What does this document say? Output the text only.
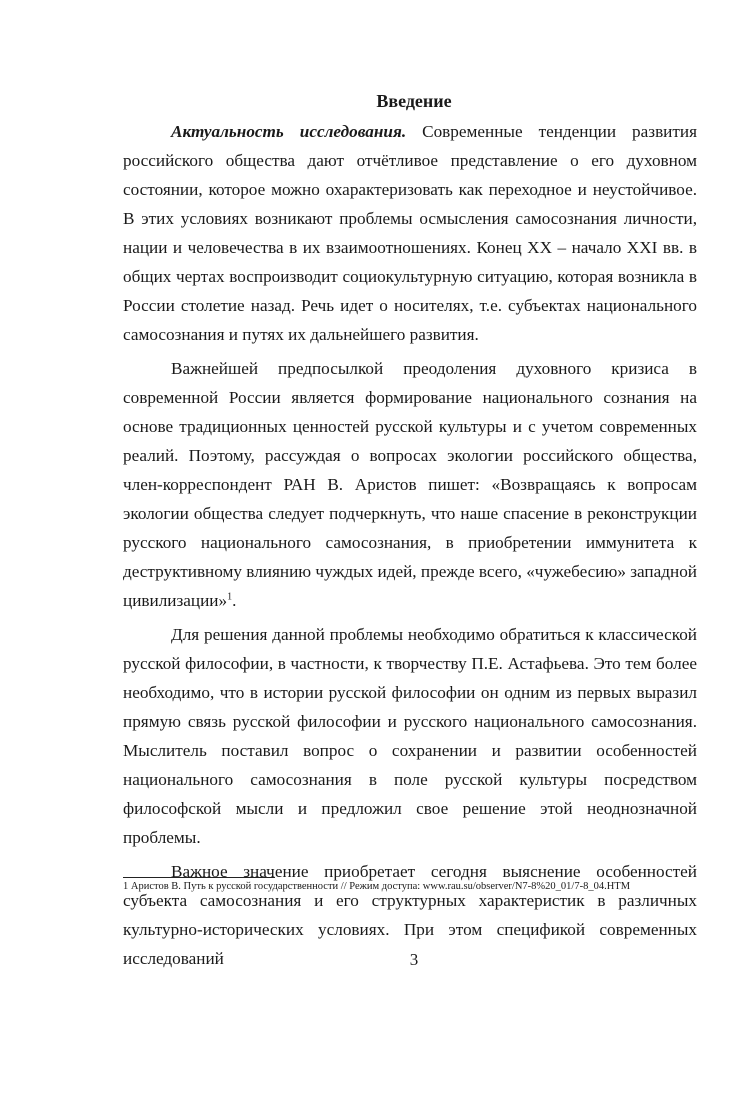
Введение

Актуальность исследования. Современные тенденции развития российского общества дают отчётливое представление о его духовном состоянии, которое можно охарактеризовать как переходное и неустойчивое. В этих условиях возникают проблемы осмысления самосознания личности, нации и человечества в их взаимоотношениях. Конец XX – начало XXI вв. в общих чертах воспроизводит социокультурную ситуацию, которая возникла в России столетие назад. Речь идет о носителях, т.е. субъектах национального самосознания и путях их дальнейшего развития.

Важнейшей предпосылкой преодоления духовного кризиса в современной России является формирование национального сознания на основе традиционных ценностей русской культуры и с учетом современных реалий. Поэтому, рассуждая о вопросах экологии российского общества, член-корреспондент РАН В. Аристов пишет: «Возвращаясь к вопросам экологии общества следует подчеркнуть, что наше спасение в реконструкции русского национального самосознания, в приобретении иммунитета к деструктивному влиянию чуждых идей, прежде всего, «чужебесию» западной цивилизации»$^1$.

Для решения данной проблемы необходимо обратиться к классической русской философии, в частности, к творчеству П.Е. Астафьева. Это тем более необходимо, что в истории русской философии он одним из первых выразил прямую связь русской философии и русского национального самосознания. Мыслитель поставил вопрос о сохранении и развитии особенностей национального самосознания в поле русской культуры посредством философской мысли и предложил свое решение этой неоднозначной проблемы.

Важное значение приобретает сегодня выяснение особенностей субъекта самосознания и его структурных характеристик в различных культурно-исторических условиях. При этом спецификой современных исследований

1 Аристов В. Путь к русской государственности // Режим доступа: www.rau.su/observer/N7-8%20_01/7-8_04.HTM
3
